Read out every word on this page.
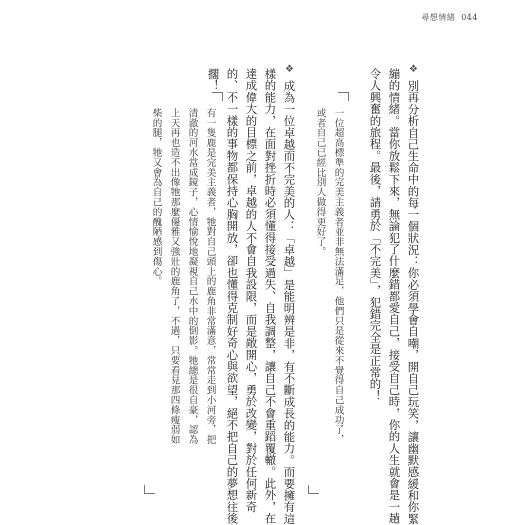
尋想情緒 044
❖
別再分析自己生命中的每一個狀況：你必須學會自嘲，開自己玩笑，讓幽默感緩和你緊
繃的情緒。當你放鬆下來，無論犯了什麼錯都愛自己，接受自己時，你的人生就會是一趟
令人興奮的旅程。最後，請勇於「不完美」，犯錯完全是正常的！
一位超高標準的完美主義者並非無法滿足，他們只是從來不覺得自己成功了，
或者自己已經比別人做得更好了。
❖
成為一位卓越而不完美的人：「卓越」是能明辨是非，有不斷成長的能力。而要擁有這
樣的能力，在面對挫折時必須懂得接受過失、自我調整，讓自己不會重蹈覆轍。此外，在
達成偉大的目標之前，卓越的人不會自我設限，而是敞開心，勇於改變，對於任何新奇
的、不一樣的事物都保持心胸開放，卻也懂得克制好奇心與欲望，絕不把自己的夢想往後
擱！
有一隻鹿是完美主義者，牠對自己頭上的鹿角非常滿意，常常走到小河旁，把
清澈的河水當成鏡子，心情愉悅地凝視自己水中的倒影。牠總是很自豪，認為
上天再也造不出像牠那麼優雅又強壯的鹿角了，不過，只要看見那四條瘦弱如
柴的腿，牠又會為自己的醜陋感到傷心。
